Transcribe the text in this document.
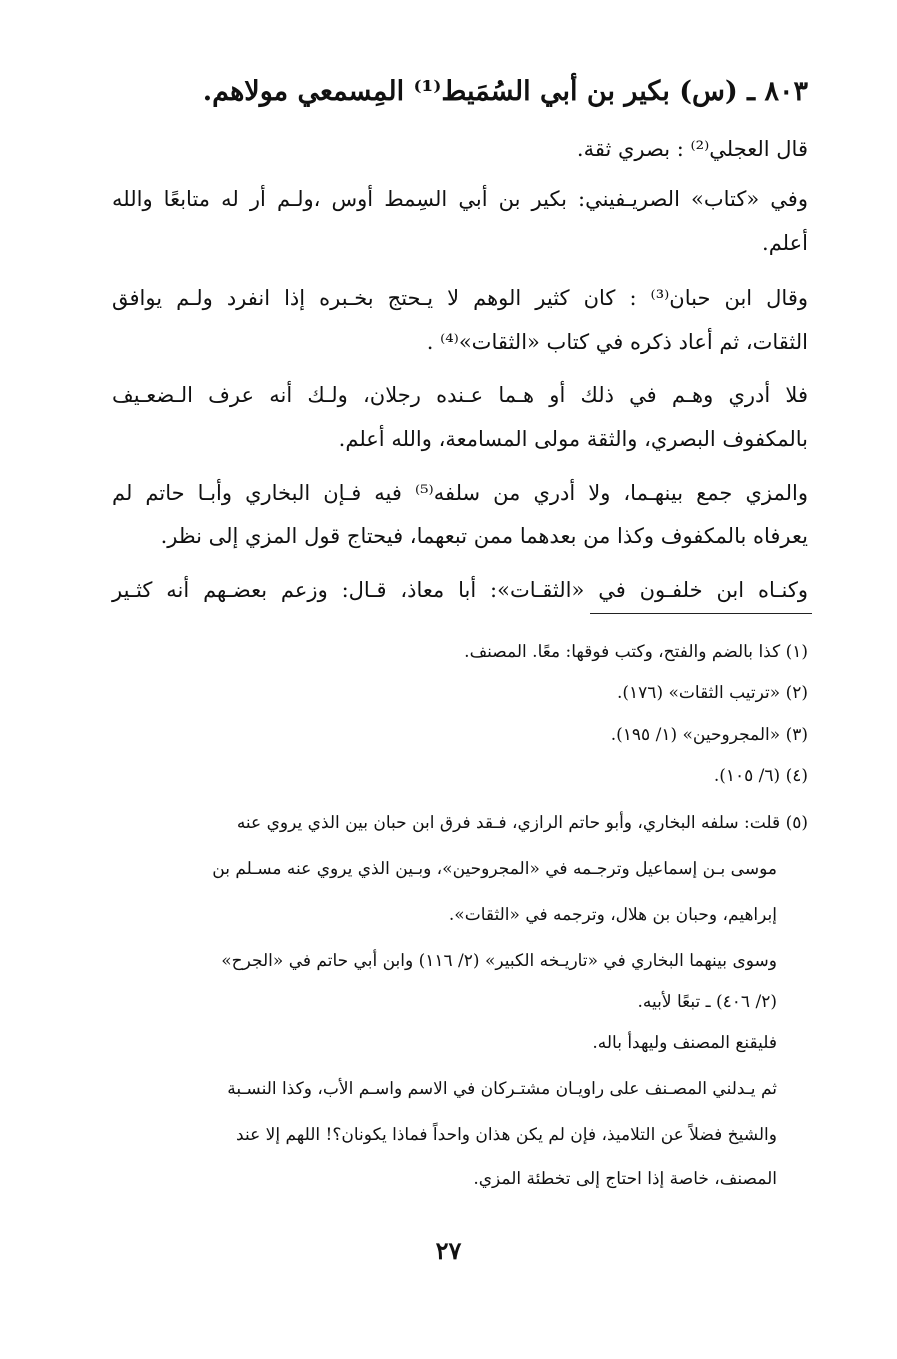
٨٠٣ ـ (س) بكير بن أبي السُمَيط⁽¹⁾ المِسمعي مولاهم.
قال العجلي⁽²⁾ : بصري ثقة.
وفي «كتاب» الصريـفيني: بكير بن أبي السِمط أوس ،ولـم أر له متابعًا والله
أعلم.
وقال ابن حبان⁽³⁾ : كان كثير الوهم لا يـحتج بخـبره إذا انفرد ولـم يوافق
الثقات، ثم أعاد ذكره في كتاب «الثقات»⁽⁴⁾ .
فلا أدري وهـم في ذلك أو هـما عـنده رجلان، ولـك أنه عرف الـضعـيف
بالمكفوف البصري، والثقة مولى المسامعة، والله أعلم.
والمزي جمع بينهـما، ولا أدري من سلفه⁽⁵⁾ فيه فـإن البخاري وأبـا حاتم لم
يعرفاه بالمكفوف وكذا من بعدهما ممن تبعهما، فيحتاج قول المزي إلى نظر.
وكنـاه ابن خلفـون في «الثقـات»: أبا معاذ، قـال: وزعم بعضـهم أنه كثـير
(١) كذا بالضم والفتح، وكتب فوقها: معًا. المصنف.
(٢) «ترتيب الثقات» (١٧٦).
(٣) «المجروحين» (١/ ١٩٥).
(٤) (٦/ ١٠٥).
(٥) قلت: سلفه البخاري، وأبو حاتم الرازي، فـقد فرق ابن حبان بين الذي يروي عنه
موسى بـن إسماعيل وترجـمه في «المجروحين»، وبـين الذي يروي عنه مسـلم بن
إبراهيم، وحبان بن هلال، وترجمه في «الثقات».
وسوى بينهما البخاري في «تاريـخه الكبير» (٢/ ١١٦) وابن أبي حاتم في «الجرح»
(٢/ ٤٠٦) ـ تبعًا لأبيه.
فليقنع المصنف وليهدأ باله.
ثم يـدلني المصـنف على راويـان مشتـركان في الاسم واسـم الأب، وكذا النسـبة
والشيخ فضلاً عن التلاميذ، فإن لم يكن هذان واحداً فماذا يكونان؟! اللهم إلا عند
المصنف، خاصة إذا احتاج إلى تخطئة المزي.
٢٧
